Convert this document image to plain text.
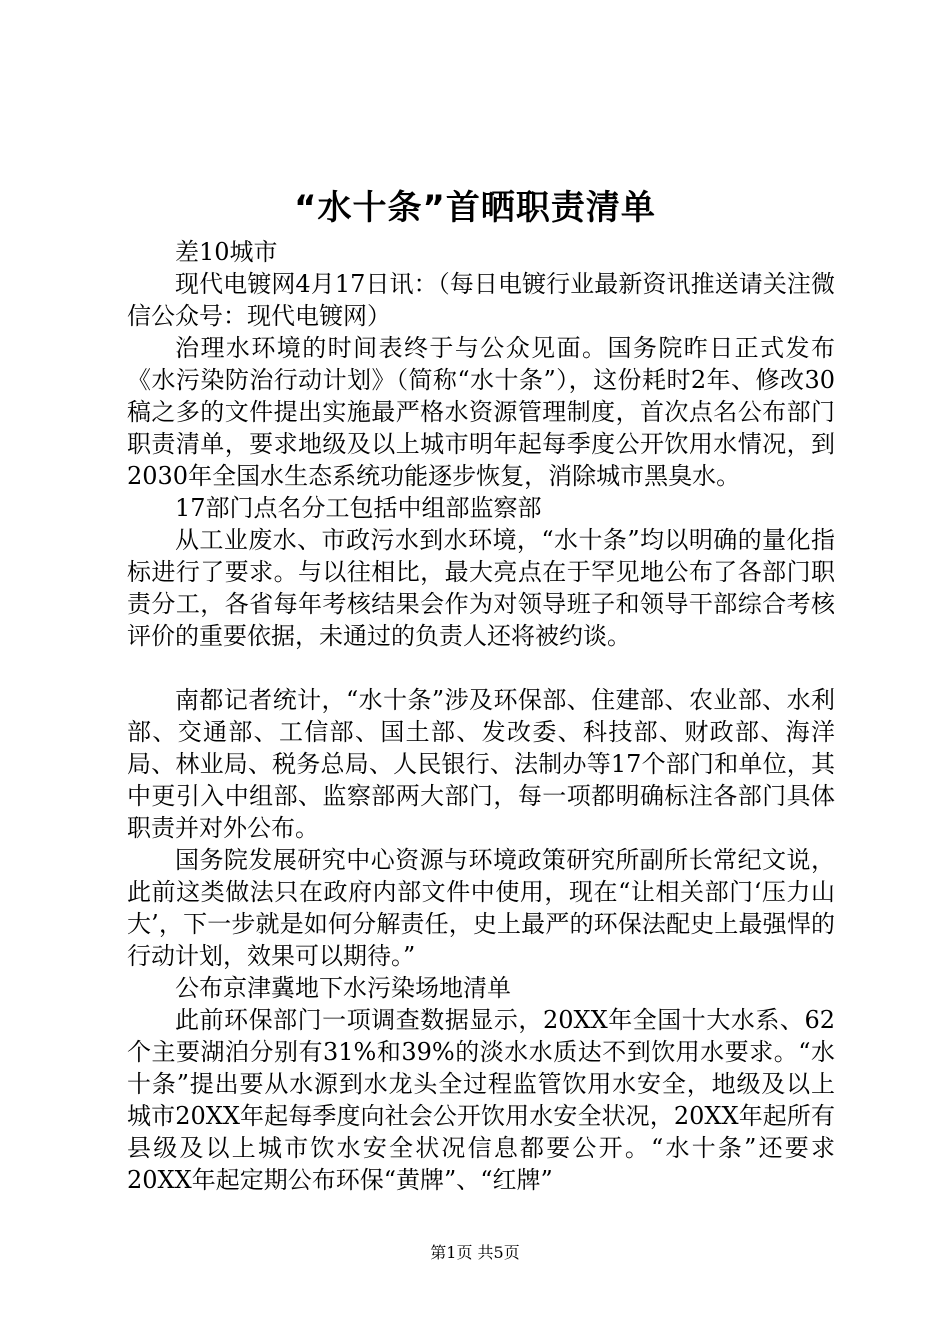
“水十条”首晒职责清单

差10城市

现代电镀网4月17日讯：（每日电镀行业最新资讯推送请关注微信公众号：现代电镀网）

治理水环境的时间表终于与公众见面。国务院昨日正式发布《水污染防治行动计划》（简称“水十条”），这份耗时2年、修改30稿之多的文件提出实施最严格水资源管理制度，首次点名公布部门职责清单，要求地级及以上城市明年起每季度公开饮用水情况，到2030年全国水生态系统功能逐步恢复，消除城市黑臭水。

17部门点名分工包括中组部监察部

从工业废水、市政污水到水环境，“水十条”均以明确的量化指标进行了要求。与以往相比，最大亮点在于罕见地公布了各部门职责分工，各省每年考核结果会作为对领导班子和领导干部综合考核评价的重要依据，未通过的负责人还将被约谈。

南都记者统计，“水十条”涉及环保部、住建部、农业部、水利部、交通部、工信部、国土部、发改委、科技部、财政部、海洋局、林业局、税务总局、人民银行、法制办等17个部门和单位，其中更引入中组部、监察部两大部门，每一项都明确标注各部门具体职责并对外公布。

国务院发展研究中心资源与环境政策研究所副所长常纪文说，此前这类做法只在政府内部文件中使用，现在“让相关部门‘压力山大’，下一步就是如何分解责任，史上最严的环保法配史上最强悍的行动计划，效果可以期待。”

公布京津冀地下水污染场地清单

此前环保部门一项调查数据显示，20XX年全国十大水系、62个主要湖泊分别有31%和39%的淡水水质达不到饮用水要求。“水十条”提出要从水源到水龙头全过程监管饮用水安全，地级及以上城市20XX年起每季度向社会公开饮用水安全状况，20XX年起所有县级及以上城市饮水安全状况信息都要公开。“水十条”还要求20XX年起定期公布环保“黄牌”、“红牌”

第1页 共5页
